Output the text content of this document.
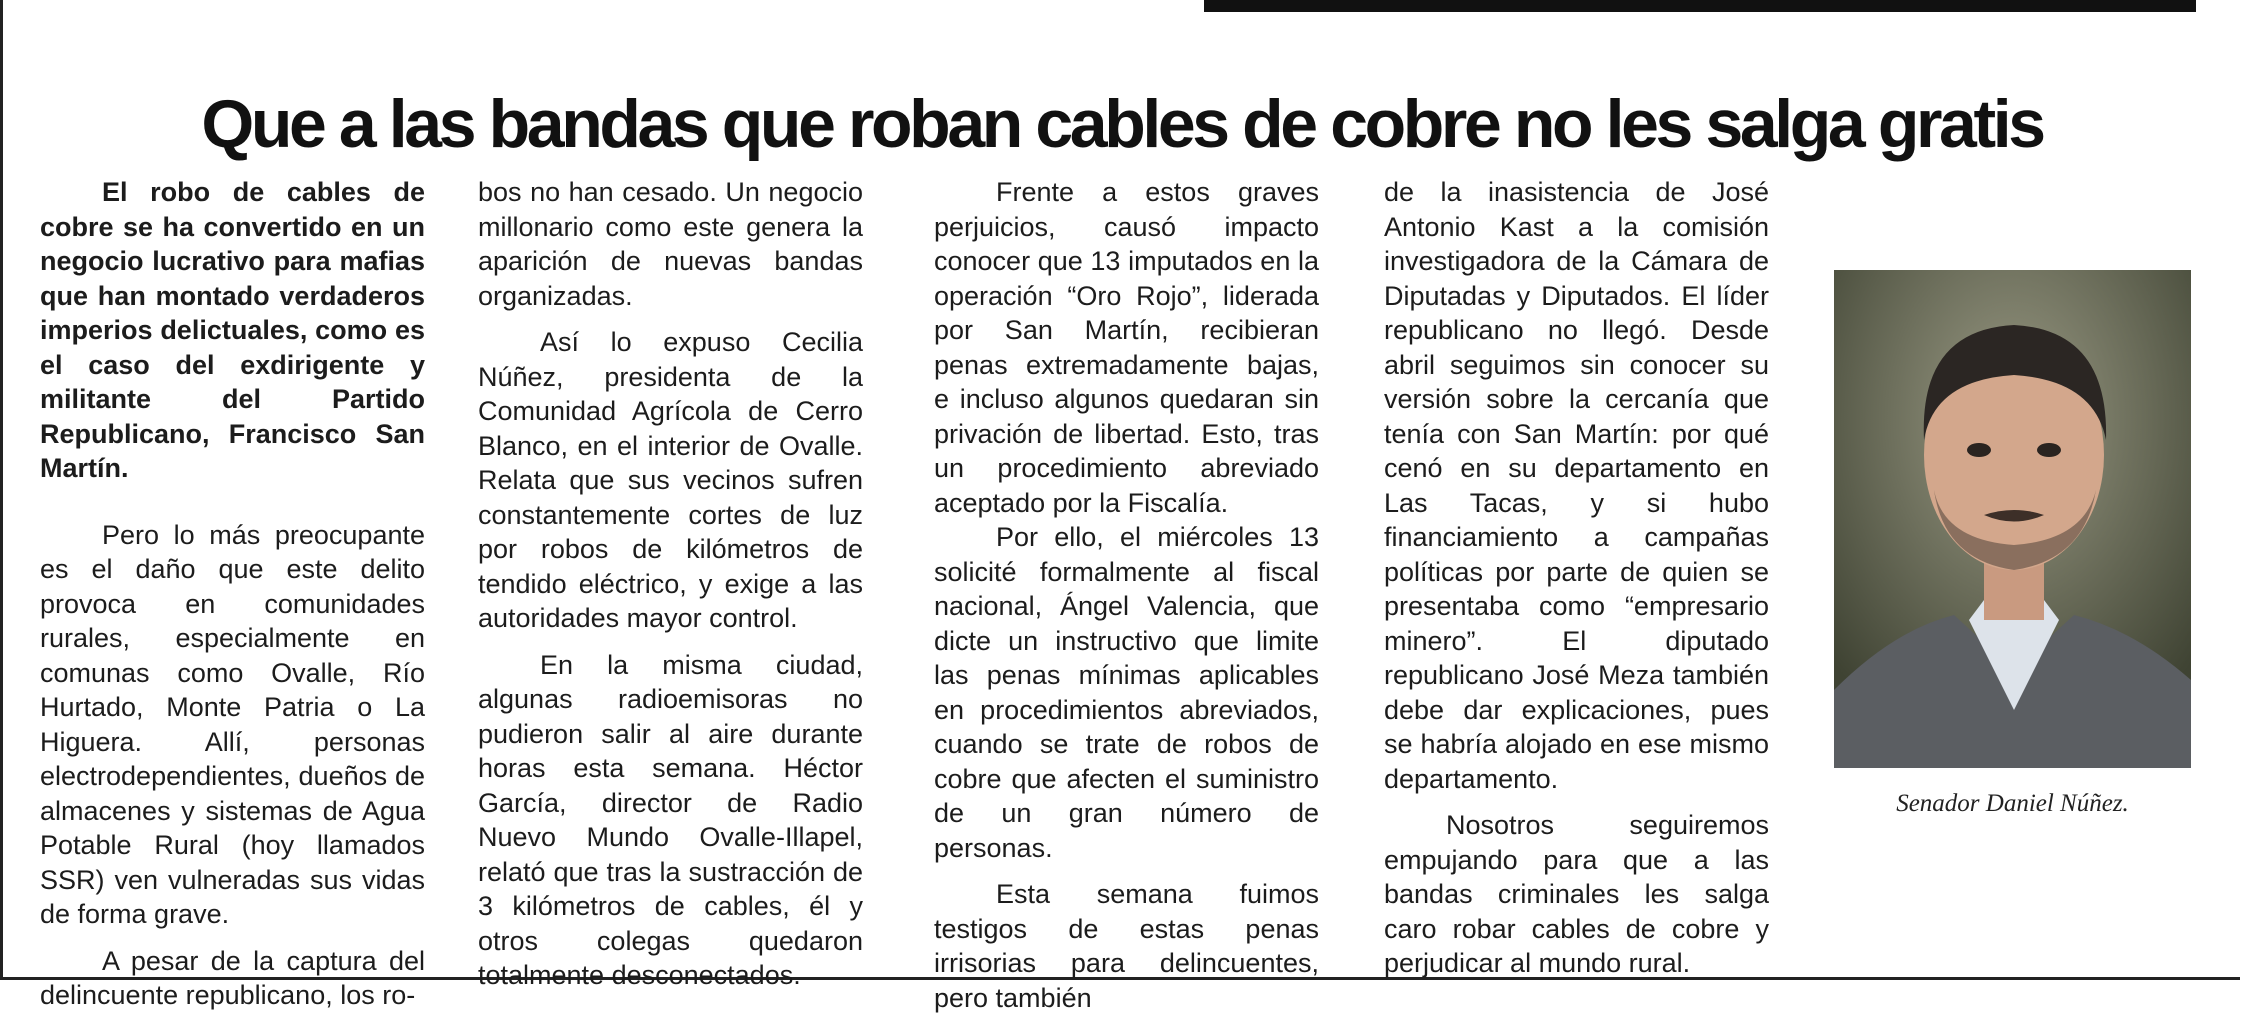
Que a las bandas que roban cables de cobre no les salga gratis

El robo de cables de cobre se ha convertido en un negocio lucrativo para mafias que han montado verdaderos imperios delictuales, como es el caso del exdirigente y militante del Partido Republicano, Francisco San Martín.

Pero lo más preocupante es el daño que este delito provoca en comunidades rurales, especialmente en comunas como Ovalle, Río Hurtado, Monte Patria o La Higuera. Allí, personas electrodependientes, dueños de almacenes y sistemas de Agua Potable Rural (hoy llamados SSR) ven vulneradas sus vidas de forma grave.

A pesar de la captura del delincuente republicano, los ro-

bos no han cesado. Un negocio millonario como este genera la aparición de nuevas bandas organizadas.

Así lo expuso Cecilia Núñez, presidenta de la Comunidad Agrícola de Cerro Blanco, en el interior de Ovalle. Relata que sus vecinos sufren constantemente cortes de luz por robos de kilómetros de tendido eléctrico, y exige a las autoridades mayor control.

En la misma ciudad, algunas radioemisoras no pudieron salir al aire durante horas esta semana. Héctor García, director de Radio Nuevo Mundo Ovalle-Illapel, relató que tras la sustracción de 3 kilómetros de cables, él y otros colegas quedaron totalmente desconectados.

Frente a estos graves perjuicios, causó impacto conocer que 13 imputados en la operación “Oro Rojo”, liderada por San Martín, recibieran penas extremadamente bajas, e incluso algunos quedaran sin privación de libertad. Esto, tras un procedimiento abreviado aceptado por la Fiscalía.

Por ello, el miércoles 13 solicité formalmente al fiscal nacional, Ángel Valencia, que dicte un instructivo que limite las penas mínimas aplicables en procedimientos abreviados, cuando se trate de robos de cobre que afecten el suministro de un gran número de personas.

Esta semana fuimos testigos de estas penas irrisorias para delincuentes, pero también

de la inasistencia de José Antonio Kast a la comisión investigadora de la Cámara de Diputadas y Diputados. El líder republicano no llegó. Desde abril seguimos sin conocer su versión sobre la cercanía que tenía con San Martín: por qué cenó en su departamento en Las Tacas, y si hubo financiamiento a campañas políticas por parte de quien se presentaba como “empresario minero”. El diputado republicano José Meza también debe dar explicaciones, pues se habría alojado en ese mismo departamento.

Nosotros seguiremos empujando para que a las bandas criminales les salga caro robar cables de cobre y perjudicar al mundo rural.

Senador Daniel Núñez.
